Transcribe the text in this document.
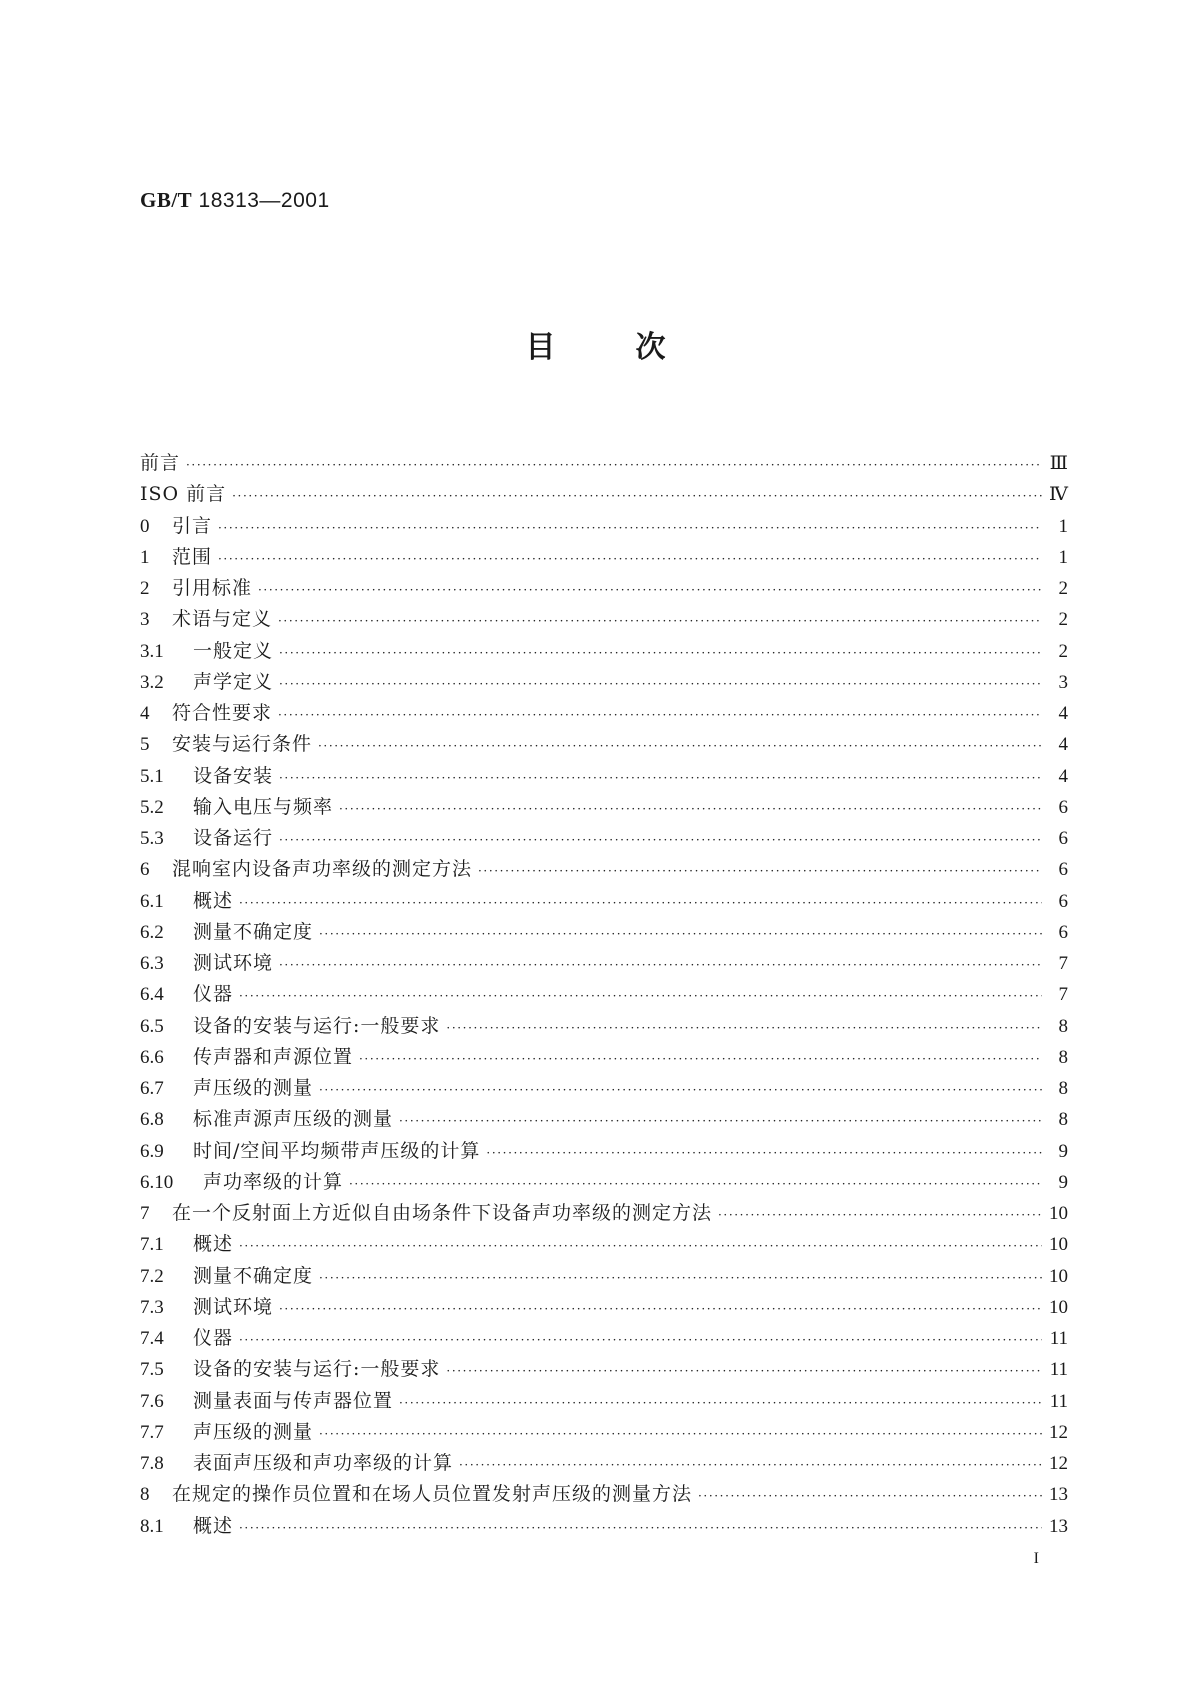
GB/T 18313—2001
目次
前言 ·····	Ⅲ
ISO 前言 ·····	Ⅳ
0	引言 ·····	1
1	范围 ·····	1
2	引用标准 ·····	2
3	术语与定义 ·····	2
3.1	一般定义 ·····	2
3.2	声学定义 ·····	3
4	符合性要求 ·····	4
5	安装与运行条件 ·····	4
5.1	设备安装 ·····	4
5.2	输入电压与频率 ·····	6
5.3	设备运行 ·····	6
6	混响室内设备声功率级的测定方法 ·····	6
6.1	概述 ·····	6
6.2	测量不确定度 ·····	6
6.3	测试环境 ·····	7
6.4	仪器 ·····	7
6.5	设备的安装与运行:一般要求 ·····	8
6.6	传声器和声源位置 ·····	8
6.7	声压级的测量 ·····	8
6.8	标准声源声压级的测量 ·····	8
6.9	时间/空间平均频带声压级的计算 ·····	9
6.10	声功率级的计算 ·····	9
7	在一个反射面上方近似自由场条件下设备声功率级的测定方法 ·····	10
7.1	概述 ·····	10
7.2	测量不确定度 ·····	10
7.3	测试环境 ·····	10
7.4	仪器 ·····	11
7.5	设备的安装与运行:一般要求 ·····	11
7.6	测量表面与传声器位置 ·····	11
7.7	声压级的测量 ·····	12
7.8	表面声压级和声功率级的计算 ·····	12
8	在规定的操作员位置和在场人员位置发射声压级的测量方法 ·····	13
8.1	概述 ·····	13
I
